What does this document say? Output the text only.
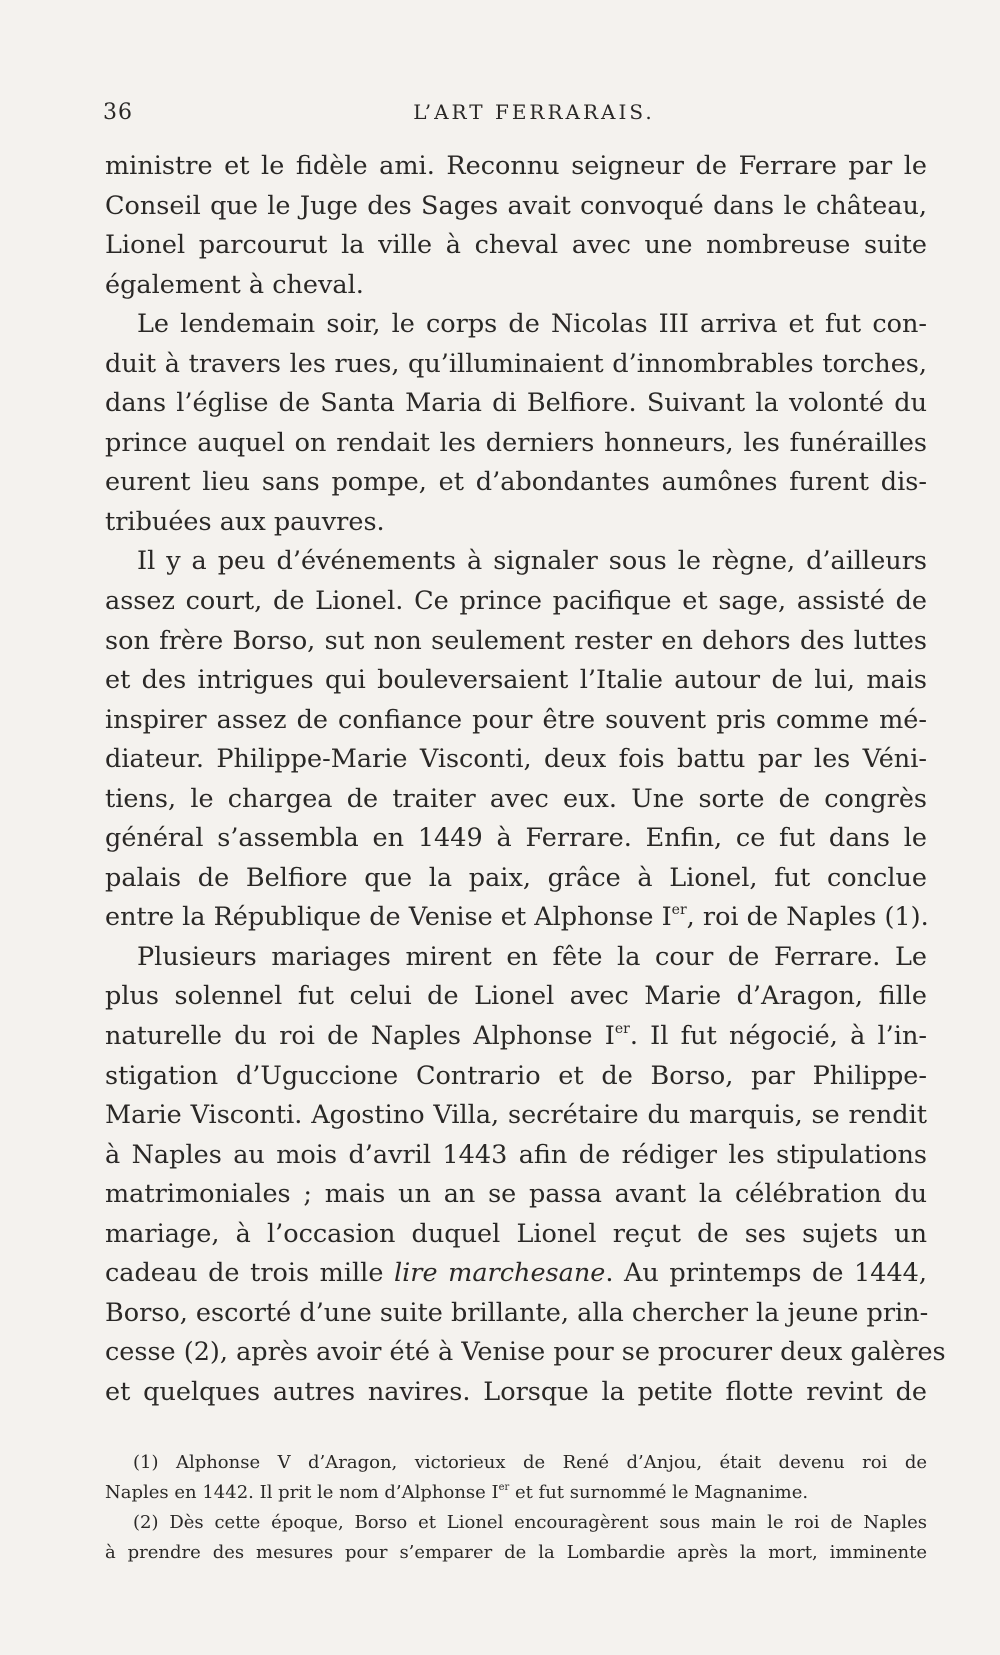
36	L’ART FERRARAIS.
ministre et le fidèle ami. Reconnu seigneur de Ferrare par le
Conseil que le Juge des Sages avait convoqué dans le château,
Lionel parcourut la ville à cheval avec une nombreuse suite
également à cheval.
Le lendemain soir, le corps de Nicolas III arriva et fut con-
duit à travers les rues, qu’illuminaient d’innombrables torches,
dans l’église de Santa Maria di Belfiore. Suivant la volonté du
prince auquel on rendait les derniers honneurs, les funérailles
eurent lieu sans pompe, et d’abondantes aumônes furent dis-
tribuées aux pauvres.
Il y a peu d’événements à signaler sous le règne, d’ailleurs
assez court, de Lionel. Ce prince pacifique et sage, assisté de
son frère Borso, sut non seulement rester en dehors des luttes
et des intrigues qui bouleversaient l’Italie autour de lui, mais
inspirer assez de confiance pour être souvent pris comme mé-
diateur. Philippe-Marie Visconti, deux fois battu par les Véni-
tiens, le chargea de traiter avec eux. Une sorte de congrès
général s’assembla en 1449 à Ferrare. Enfin, ce fut dans le
palais de Belfiore que la paix, grâce à Lionel, fut conclue
entre la République de Venise et Alphonse Ier, roi de Naples (1).
Plusieurs mariages mirent en fête la cour de Ferrare. Le
plus solennel fut celui de Lionel avec Marie d’Aragon, fille
naturelle du roi de Naples Alphonse Ier. Il fut négocié, à l’in-
stigation d’Uguccione Contrario et de Borso, par Philippe-
Marie Visconti. Agostino Villa, secrétaire du marquis, se rendit
à Naples au mois d’avril 1443 afin de rédiger les stipulations
matrimoniales ; mais un an se passa avant la célébration du
mariage, à l’occasion duquel Lionel reçut de ses sujets un
cadeau de trois mille lire marchesane. Au printemps de 1444,
Borso, escorté d’une suite brillante, alla chercher la jeune prin-
cesse (2), après avoir été à Venise pour se procurer deux galères
et quelques autres navires. Lorsque la petite flotte revint de
(1) Alphonse V d’Aragon, victorieux de René d’Anjou, était devenu roi de
Naples en 1442. Il prit le nom d’Alphonse Ier et fut surnommé le Magnanime.
(2) Dès cette époque, Borso et Lionel encouragèrent sous main le roi de Naples
à prendre des mesures pour s’emparer de la Lombardie après la mort, imminente
